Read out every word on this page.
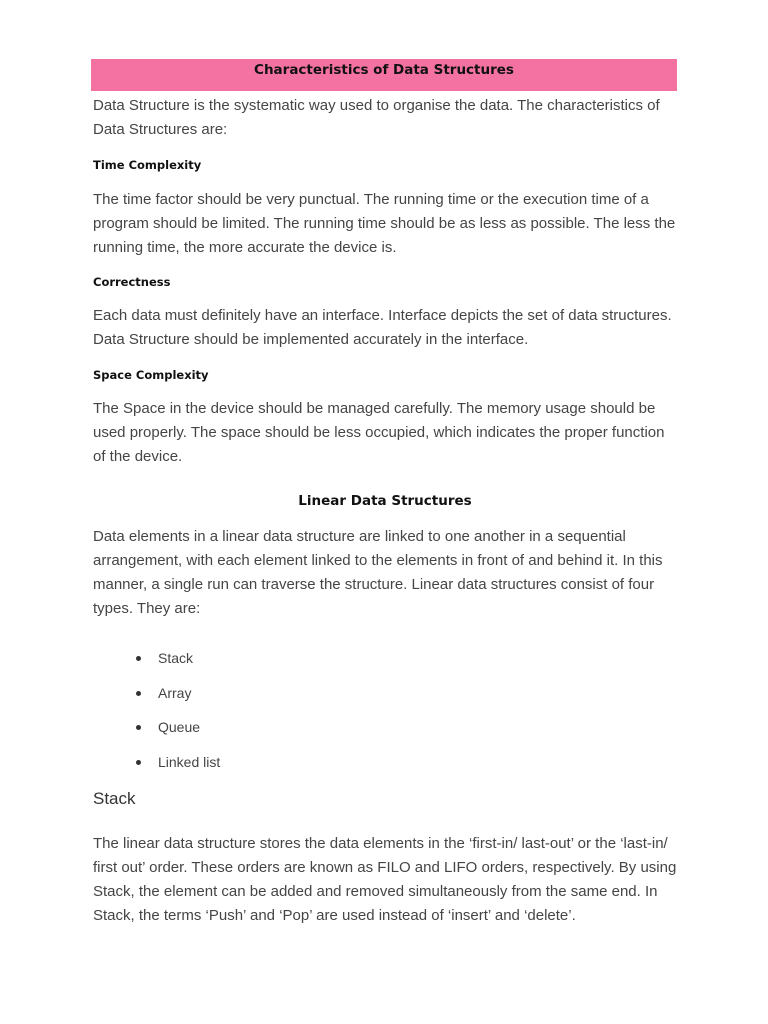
Characteristics of Data Structures

Data Structure is the systematic way used to organise the data. The characteristics of Data Structures are:

Time Complexity

The time factor should be very punctual. The running time or the execution time of a program should be limited. The running time should be as less as possible. The less the running time, the more accurate the device is.

Correctness

Each data must definitely have an interface. Interface depicts the set of data structures. Data Structure should be implemented accurately in the interface.

Space Complexity

The Space in the device should be managed carefully. The memory usage should be used properly. The space should be less occupied, which indicates the proper function of the device.

Linear Data Structures

Data elements in a linear data structure are linked to one another in a sequential arrangement, with each element linked to the elements in front of and behind it. In this manner, a single run can traverse the structure. Linear data structures consist of four types. They are:

Stack
Array
Queue
Linked list
Stack

The linear data structure stores the data elements in the ‘first-in/ last-out’ or the ‘last-in/ first out’ order. These orders are known as FILO and LIFO orders, respectively. By using Stack, the element can be added and removed simultaneously from the same end. In Stack, the terms ‘Push’ and ‘Pop’ are used instead of ‘insert’ and ‘delete’.
